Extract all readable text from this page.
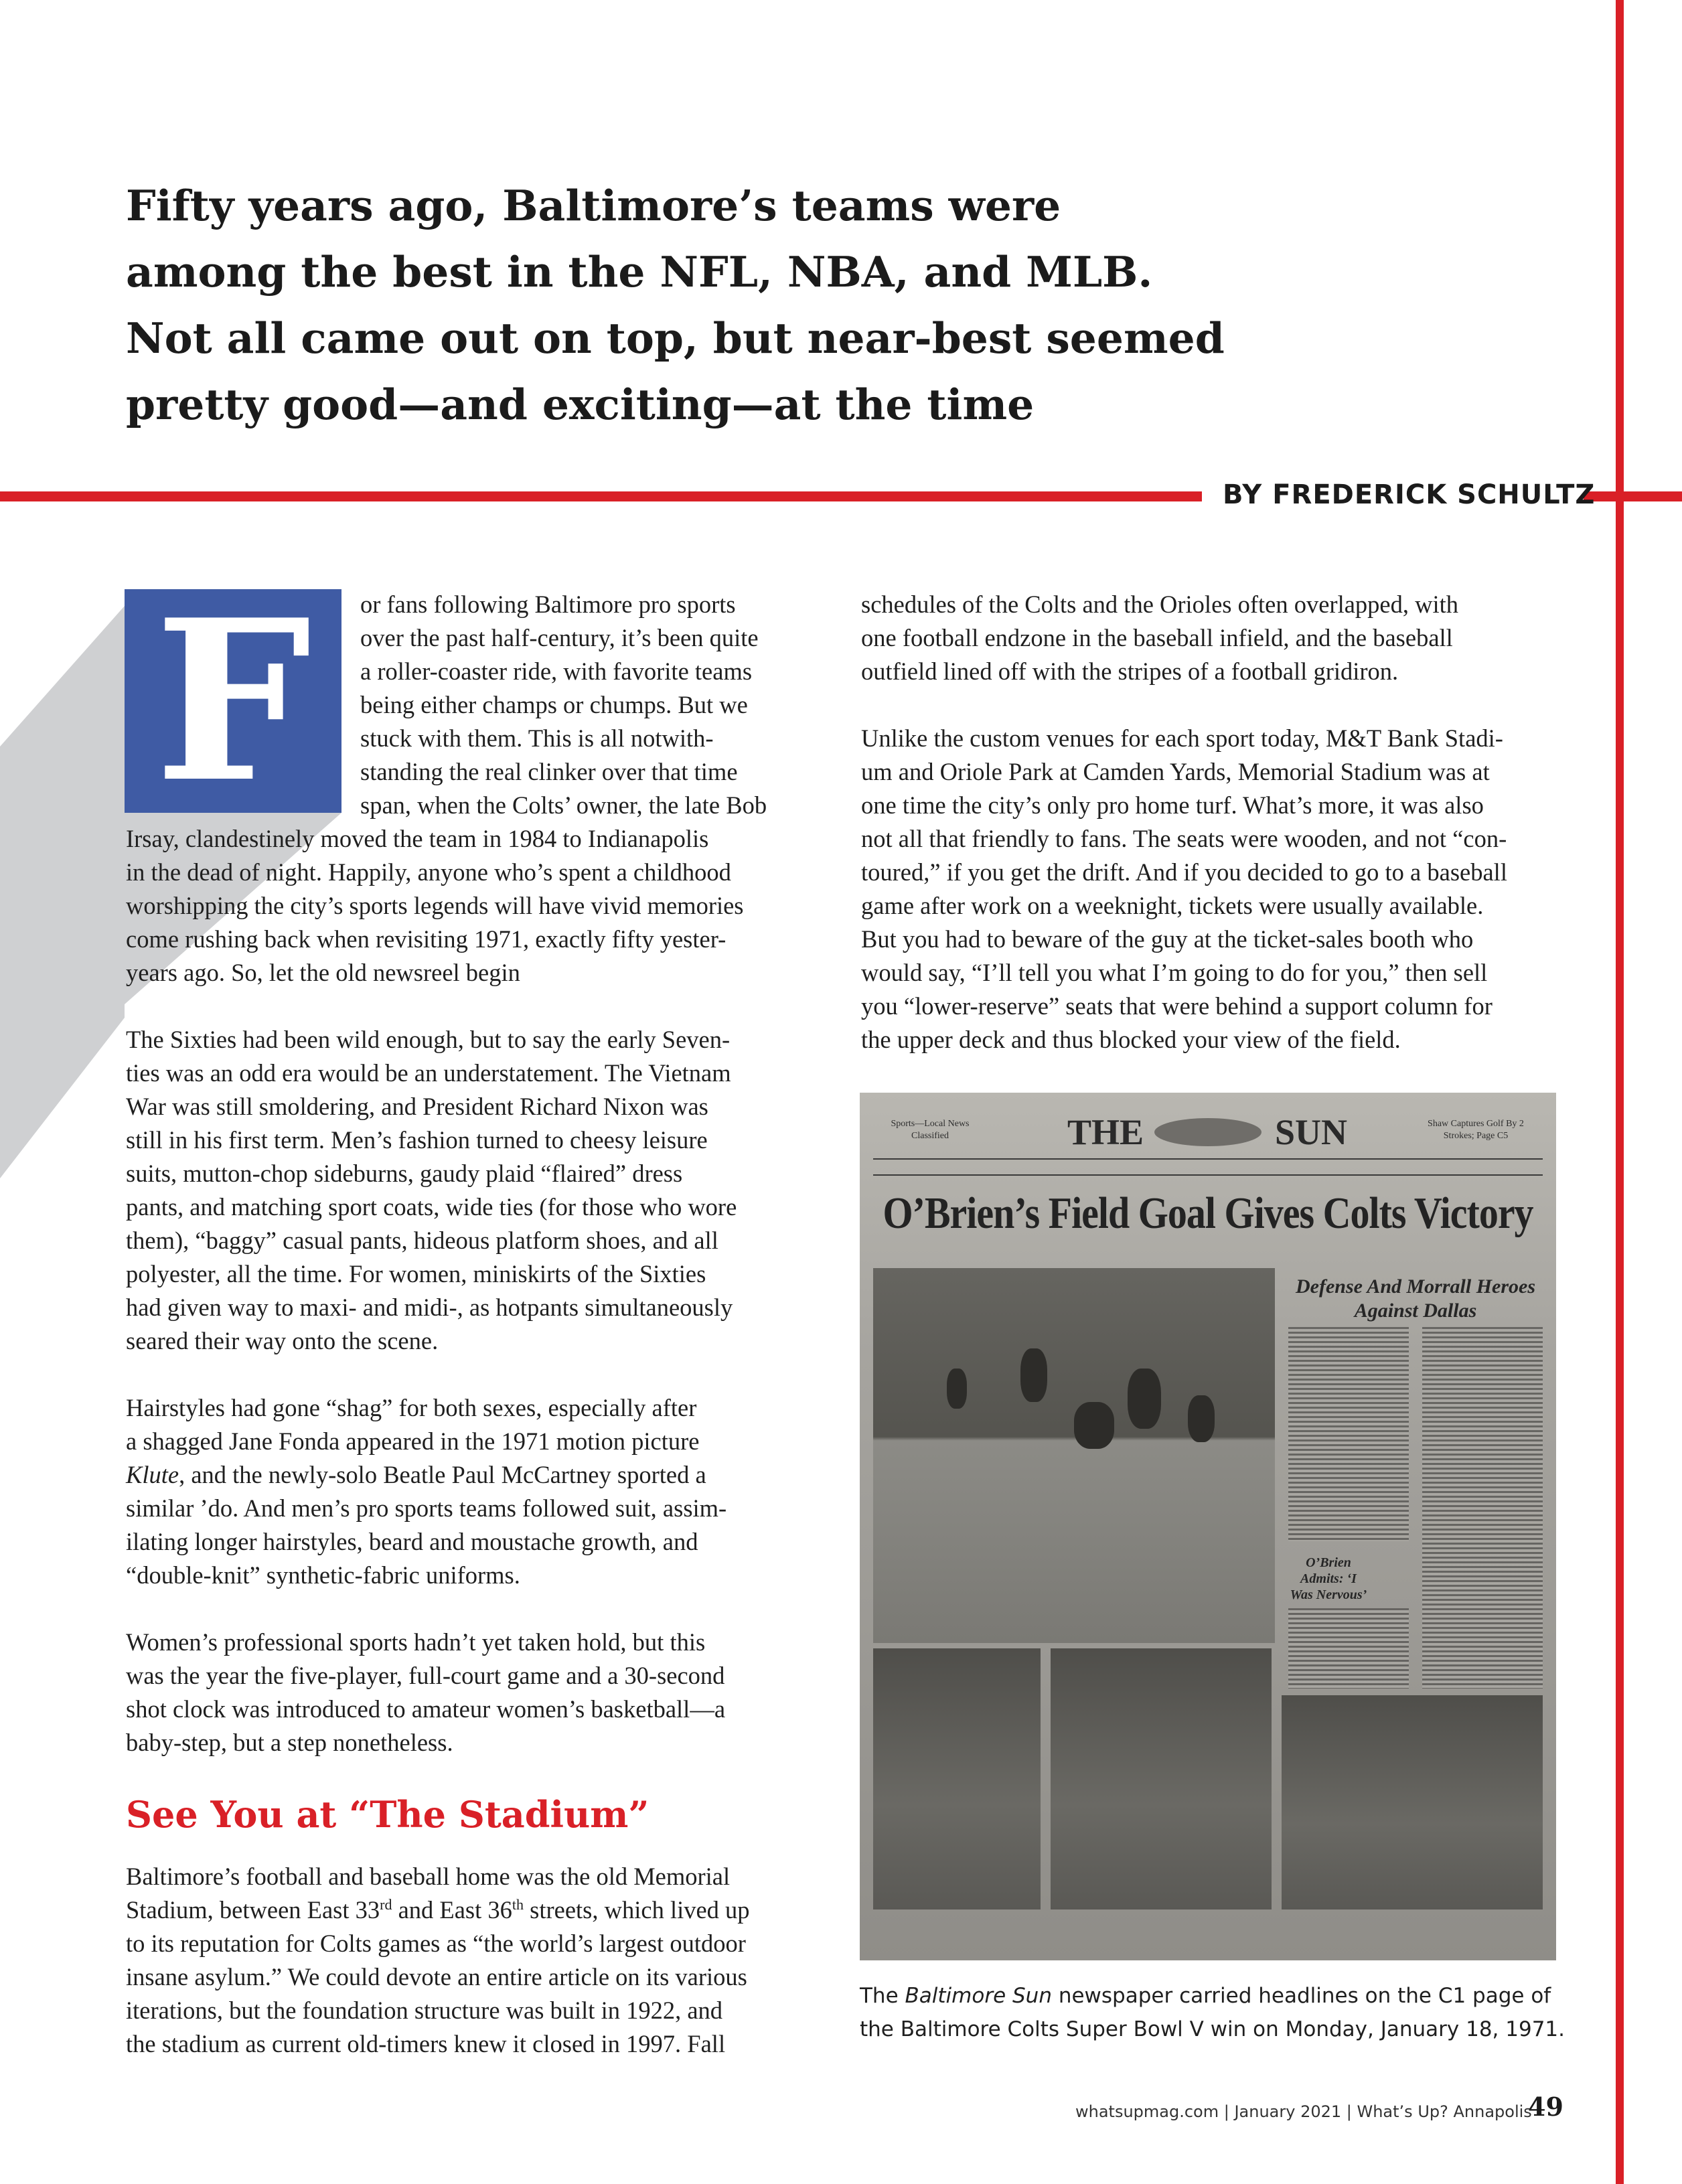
Fifty years ago, Baltimore’s teams were
among the best in the NFL, NBA, and MLB.
Not all came out on top, but near-best seemed
pretty good—and exciting—at the time
BY FREDERICK SCHULTZ
F	or fans following Baltimore pro sports
over the past half-century, it’s been quite
a roller-coaster ride, with favorite teams
being either champs or chumps. But we
stuck with them. This is all notwith-
standing the real clinker over that time
span, when the Colts’ owner, the late Bob
Irsay, clandestinely moved the team in 1984 to Indianapolis
in the dead of night. Happily, anyone who’s spent a childhood
worshipping the city’s sports legends will have vivid memories
come rushing back when revisiting 1971, exactly fifty yester-
years ago. So, let the old newsreel begin
The Sixties had been wild enough, but to say the early Seven-
ties was an odd era would be an understatement. The Vietnam
War was still smoldering, and President Richard Nixon was
still in his first term. Men’s fashion turned to cheesy leisure
suits, mutton-chop sideburns, gaudy plaid “flaired” dress
pants, and matching sport coats, wide ties (for those who wore
them), “baggy” casual pants, hideous platform shoes, and all
polyester, all the time. For women, miniskirts of the Sixties
had given way to maxi- and midi-, as hotpants simultaneously
seared their way onto the scene.
Hairstyles had gone “shag” for both sexes, especially after
a shagged Jane Fonda appeared in the 1971 motion picture
Klute, and the newly-solo Beatle Paul McCartney sported a
similar ’do. And men’s pro sports teams followed suit, assim-
ilating longer hairstyles, beard and moustache growth, and
“double-knit” synthetic-fabric uniforms.
Women’s professional sports hadn’t yet taken hold, but this
was the year the five-player, full-court game and a 30-second
shot clock was introduced to amateur women’s basketball—a
baby-step, but a step nonetheless.
See You at “The Stadium”
Baltimore’s football and baseball home was the old Memorial
Stadium, between East 33rd and East 36th streets, which lived up
to its reputation for Colts games as “the world’s largest outdoor
insane asylum.” We could devote an entire article on its various
iterations, but the foundation structure was built in 1922, and
the stadium as current old-timers knew it closed in 1997. Fall
schedules of the Colts and the Orioles often overlapped, with
one football endzone in the baseball infield, and the baseball
outfield lined off with the stripes of a football gridiron.
Unlike the custom venues for each sport today, M&T Bank Stadi-
um and Oriole Park at Camden Yards, Memorial Stadium was at
one time the city’s only pro home turf. What’s more, it was also
not all that friendly to fans. The seats were wooden, and not “con-
toured,” if you get the drift. And if you decided to go to a baseball
game after work on a weeknight, tickets were usually available.
But you had to beware of the guy at the ticket-sales booth who
would say, “I’ll tell you what I’m going to do for you,” then sell
you “lower-reserve” seats that were behind a support column for
the upper deck and thus blocked your view of the field.
Sports—Local News Classified	THE	SUN	Shaw Captures Golf By 2 Strokes; Page C5
O’Brien’s Field Goal Gives Colts Victory
Defense And Morrall Heroes Against Dallas
O’Brien Admits: ‘I Was Nervous’

The Baltimore Sun newspaper carried headlines on the C1 page of
the Baltimore Colts Super Bowl V win on Monday, January 18, 1971.

whatsupmag.com | January 2021 | What’s Up? Annapolis
49
